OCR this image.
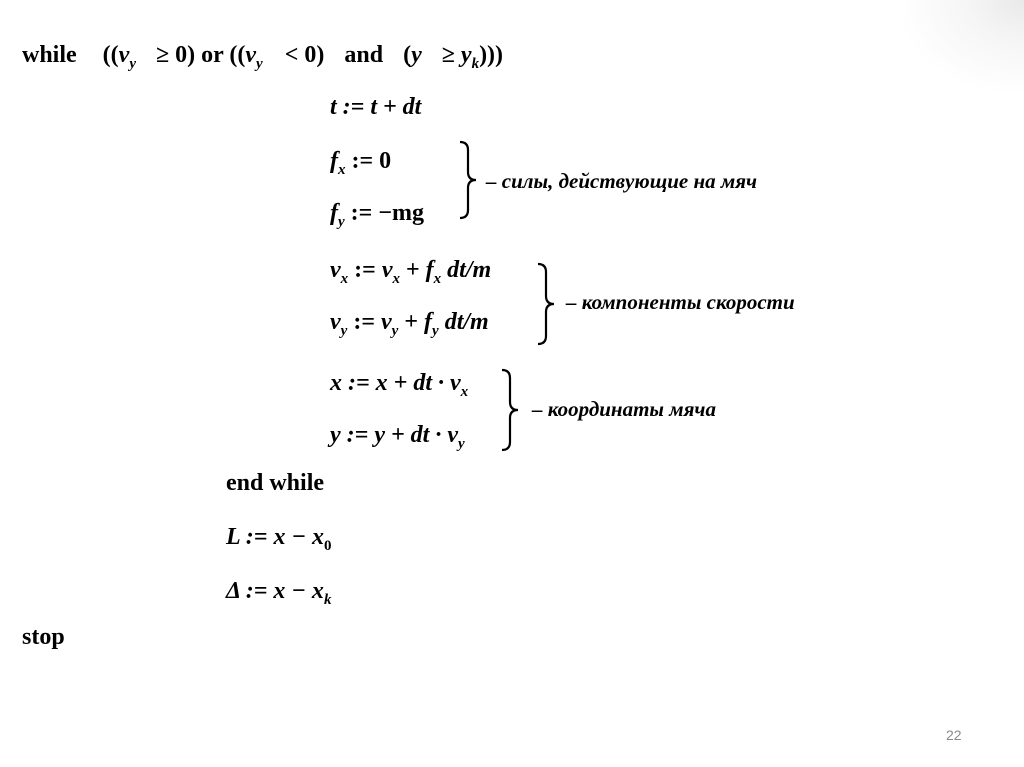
while ($(v_y \ge 0)$ or ($(v_y < 0)$ and $(y \ge y_k)$))
t := t + dt
$f_x$ := 0
$f_y$ := −mg
– силы, действующие на мяч
$v_x$ := $v_x + f_x$ dt/m
$v_y$ := $v_y + f_y$ dt/m
– компоненты скорости
x := x + dt · $v_x$
y := y + dt · $v_y$
– координаты мяча
end while
L := $x - x_0$
Δ := $x - x_k$
stop
22
